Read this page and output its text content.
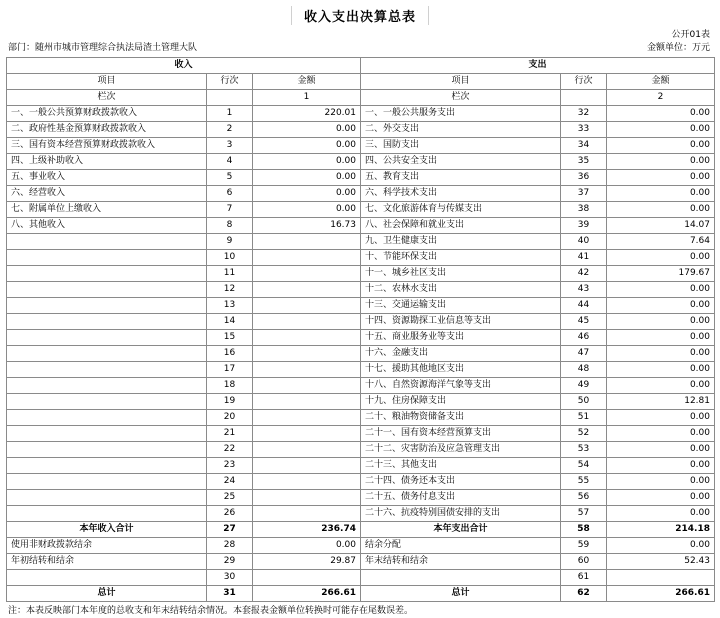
收入支出决算总表
公开01表
部门：随州市城市管理综合执法局渣土管理大队	金额单位：万元
收入			支出		
项目	行次	金额	项目	行次	金额
栏次		1	栏次		2
一、一般公共预算财政拨款收入	1	220.01	一、一般公共服务支出	32	0.00
二、政府性基金预算财政拨款收入	2	0.00	二、外交支出	33	0.00
三、国有资本经营预算财政拨款收入	3	0.00	三、国防支出	34	0.00
四、上级补助收入	4	0.00	四、公共安全支出	35	0.00
五、事业收入	5	0.00	五、教育支出	36	0.00
六、经营收入	6	0.00	六、科学技术支出	37	0.00
七、附属单位上缴收入	7	0.00	七、文化旅游体育与传媒支出	38	0.00
八、其他收入	8	16.73	八、社会保障和就业支出	39	14.07
	9		九、卫生健康支出	40	7.64
	10		十、节能环保支出	41	0.00
	11		十一、城乡社区支出	42	179.67
	12		十二、农林水支出	43	0.00
	13		十三、交通运输支出	44	0.00
	14		十四、资源勘探工业信息等支出	45	0.00
	15		十五、商业服务业等支出	46	0.00
	16		十六、金融支出	47	0.00
	17		十七、援助其他地区支出	48	0.00
	18		十八、自然资源海洋气象等支出	49	0.00
	19		十九、住房保障支出	50	12.81
	20		二十、粮油物资储备支出	51	0.00
	21		二十一、国有资本经营预算支出	52	0.00
	22		二十二、灾害防治及应急管理支出	53	0.00
	23		二十三、其他支出	54	0.00
	24		二十四、债务还本支出	55	0.00
	25		二十五、债务付息支出	56	0.00
	26		二十六、抗疫特别国债安排的支出	57	0.00
本年收入合计	27	236.74	本年支出合计	58	214.18
使用非财政拨款结余	28	0.00	结余分配	59	0.00
年初结转和结余	29	29.87	年末结转和结余	60	52.43
	30			61	
总计	31	266.61	总计	62	266.61
注：本表反映部门本年度的总收支和年末结转结余情况。本套报表金额单位转换时可能存在尾数误差。
